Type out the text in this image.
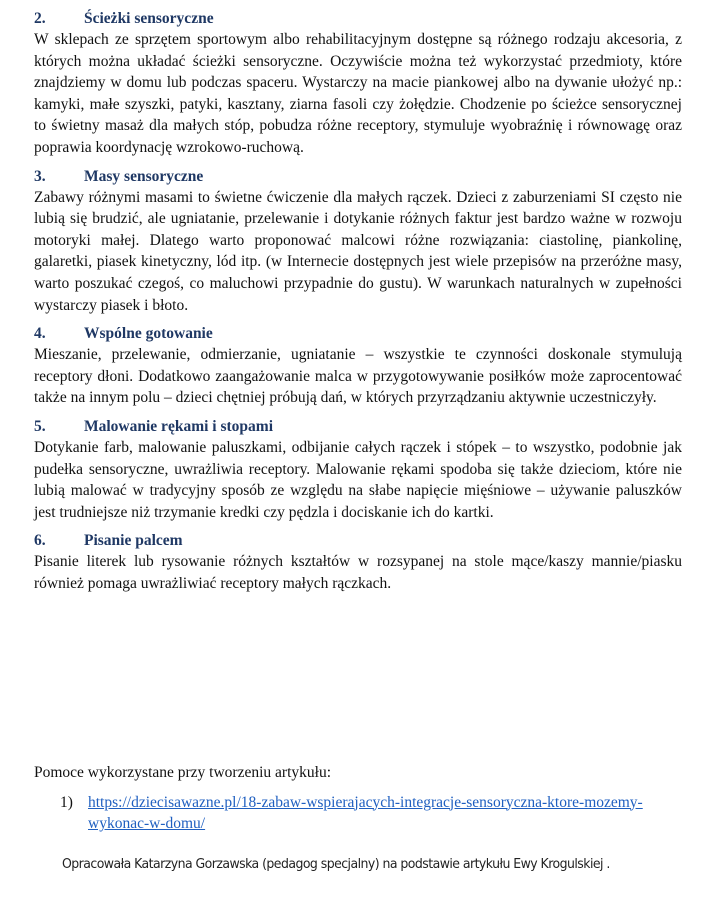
2. Ścieżki sensoryczne

W sklepach ze sprzętem sportowym albo rehabilitacyjnym dostępne są różnego rodzaju akcesoria, z których można układać ścieżki sensoryczne. Oczywiście można też wykorzystać przedmioty, które znajdziemy w domu lub podczas spaceru. Wystarczy na macie piankowej albo na dywanie ułożyć np.: kamyki, małe szyszki, patyki, kasztany, ziarna fasoli czy żołędzie. Chodzenie po ścieżce sensorycznej to świetny masaż dla małych stóp, pobudza różne receptory, stymuluje wyobraźnię i równowagę oraz poprawia koordynację wzrokowo-ruchową.

3. Masy sensoryczne

Zabawy różnymi masami to świetne ćwiczenie dla małych rączek. Dzieci z zaburzeniami SI często nie lubią się brudzić, ale ugniatanie, przelewanie i dotykanie różnych faktur jest bardzo ważne w rozwoju motoryki małej. Dlatego warto proponować malcowi różne rozwiązania: ciastolinę, piankolinę, galaretki, piasek kinetyczny, lód itp. (w Internecie dostępnych jest wiele przepisów na przeróżne masy, warto poszukać czegoś, co maluchowi przypadnie do gustu). W warunkach naturalnych w zupełności wystarczy piasek i błoto.

4. Wspólne gotowanie

Mieszanie, przelewanie, odmierzanie, ugniatanie – wszystkie te czynności doskonale stymulują receptory dłoni. Dodatkowo zaangażowanie malca w przygotowywanie posiłków może zaprocentować także na innym polu – dzieci chętniej próbują dań, w których przyrządzaniu aktywnie uczestniczyły.

5. Malowanie rękami i stopami

Dotykanie farb, malowanie paluszkami, odbijanie całych rączek i stópek – to wszystko, podobnie jak pudełka sensoryczne, uwrażliwia receptory. Malowanie rękami spodoba się także dzieciom, które nie lubią malować w tradycyjny sposób ze względu na słabe napięcie mięśniowe – używanie paluszków jest trudniejsze niż trzymanie kredki czy pędzla i dociskanie ich do kartki.

6. Pisanie palcem

Pisanie literek lub rysowanie różnych kształtów w rozsypanej na stole mące/kaszy mannie/piasku również pomaga uwrażliwiać receptory małych rączkach.

Pomoce wykorzystane przy tworzeniu artykułu:
1) https://dziecisawazne.pl/18-zabaw-wspierajacych-integracje-sensoryczna-ktore-mozemy-wykonac-w-domu/
Opracowała Katarzyna Gorzawska (pedagog specjalny) na podstawie artykułu Ewy Krogulskiej .
